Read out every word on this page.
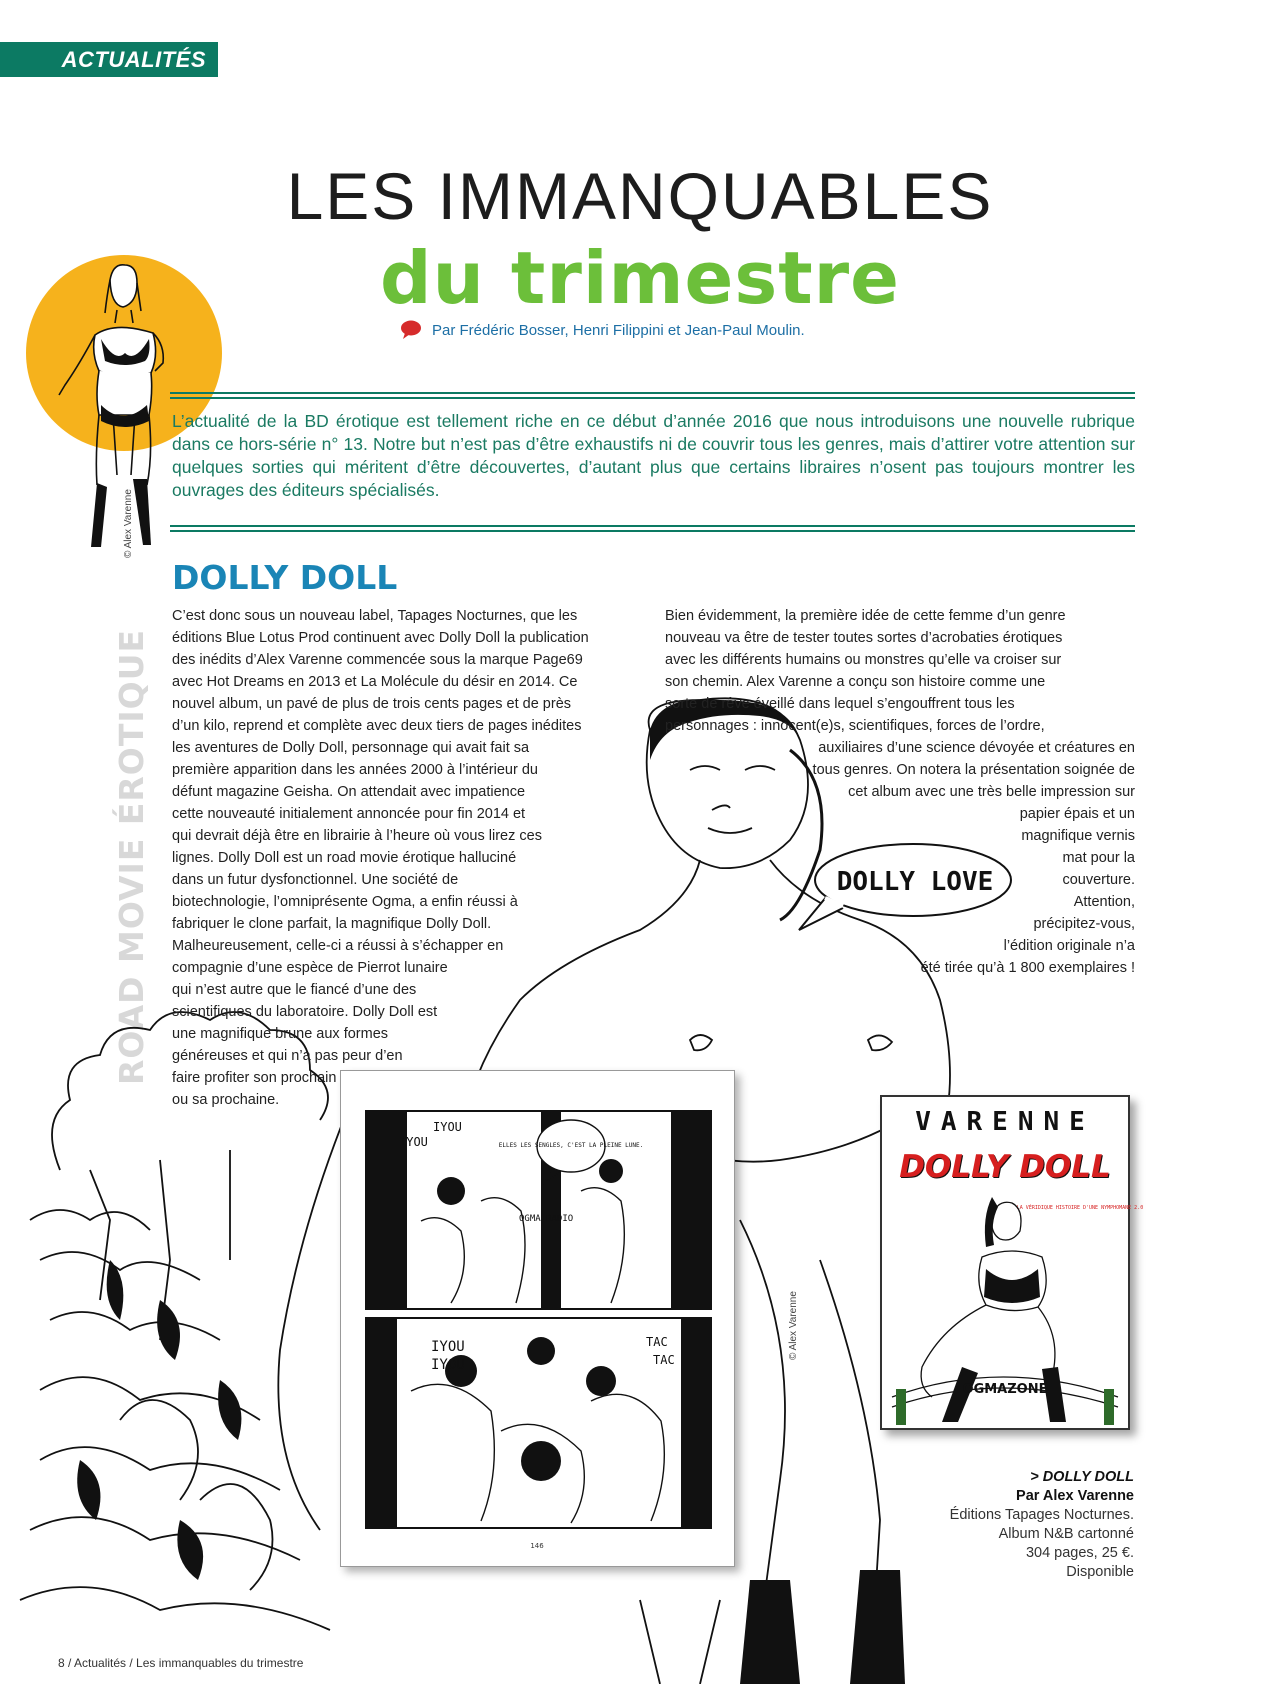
ACTUALITÉS
LES IMMANQUABLES
du trimestre
Par Frédéric Bosser, Henri Filippini et Jean-Paul Moulin.
© Alex Varenne

L’actualité de la BD érotique est tellement riche en ce début d’année 2016 que nous introduisons une nouvelle rubrique dans ce hors-série n° 13. Notre but n’est pas d’être exhaustifs ni de couvrir tous les genres, mais d’attirer votre attention sur quelques sorties qui méritent d’être découvertes, d’autant plus que certains libraires n’osent pas toujours montrer les ouvrages des éditeurs spécialisés.

ROAD MOVIE ÉROTIQUE	DOLLY LOVE
DOLLY DOLL
C’est donc sous un nouveau label, Tapages Nocturnes, que les
éditions Blue Lotus Prod continuent avec Dolly Doll la publication
des inédits d’Alex Varenne commencée sous la marque Page69
avec Hot Dreams en 2013 et La Molécule du désir en 2014. Ce
nouvel album, un pavé de plus de trois cents pages et de près
d’un kilo, reprend et complète avec deux tiers de pages inédites
les aventures de Dolly Doll, personnage qui avait fait sa
première apparition dans les années 2000 à l’intérieur du
défunt magazine Geisha. On attendait avec impatience
cette nouveauté initialement annoncée pour fin 2014 et
qui devrait déjà être en librairie à l’heure où vous lirez ces
lignes. Dolly Doll est un road movie érotique halluciné
dans un futur dysfonctionnel. Une société de
biotechnologie, l’omniprésente Ogma, a enfin réussi à
fabriquer le clone parfait, la magnifique Dolly Doll.
Malheureusement, celle-ci a réussi à s’échapper en
compagnie d’une espèce de Pierrot lunaire
qui n’est autre que le fiancé d’une des
scientifiques du laboratoire. Dolly Doll est
une magnifique brune aux formes
généreuses et qui n’a pas peur d’en
faire profiter son prochain
ou sa prochaine.
Bien évidemment, la première idée de cette femme d’un genre
nouveau va être de tester toutes sortes d’acrobaties érotiques
avec les différents humains ou monstres qu’elle va croiser sur
son chemin. Alex Varenne a conçu son histoire comme une
sorte de rêve éveillé dans lequel s’engouffrent tous les
personnages : innocent(e)s, scientifiques, forces de l’ordre,
auxiliaires d’une science dévoyée et créatures en
tous genres. On notera la présentation soignée de
cet album avec une très belle impression sur
papier épais et un
magnifique vernis
mat pour la
couverture.
Attention,
précipitez-vous,
l’édition originale n’a
été tirée qu’à 1 800 exemplaires !
IYOU
IYOU
ELLES LES SENGLES, C'EST LA PLEINE LUNE.
OGMA RADIO
IYOU
IYOU
TAC
TAC
146
© Alex Varenne
VARENNE
DOLLY DOLL
LA VÉRIDIQUE HISTOIRE D'UNE NYMPHOMANE 2.0
OGMAZONE
> DOLLY DOLL
Par Alex Varenne
Éditions Tapages Nocturnes.
Album N&B cartonné
304 pages, 25 €.
Disponible
8 / Actualités / Les immanquables du trimestre
